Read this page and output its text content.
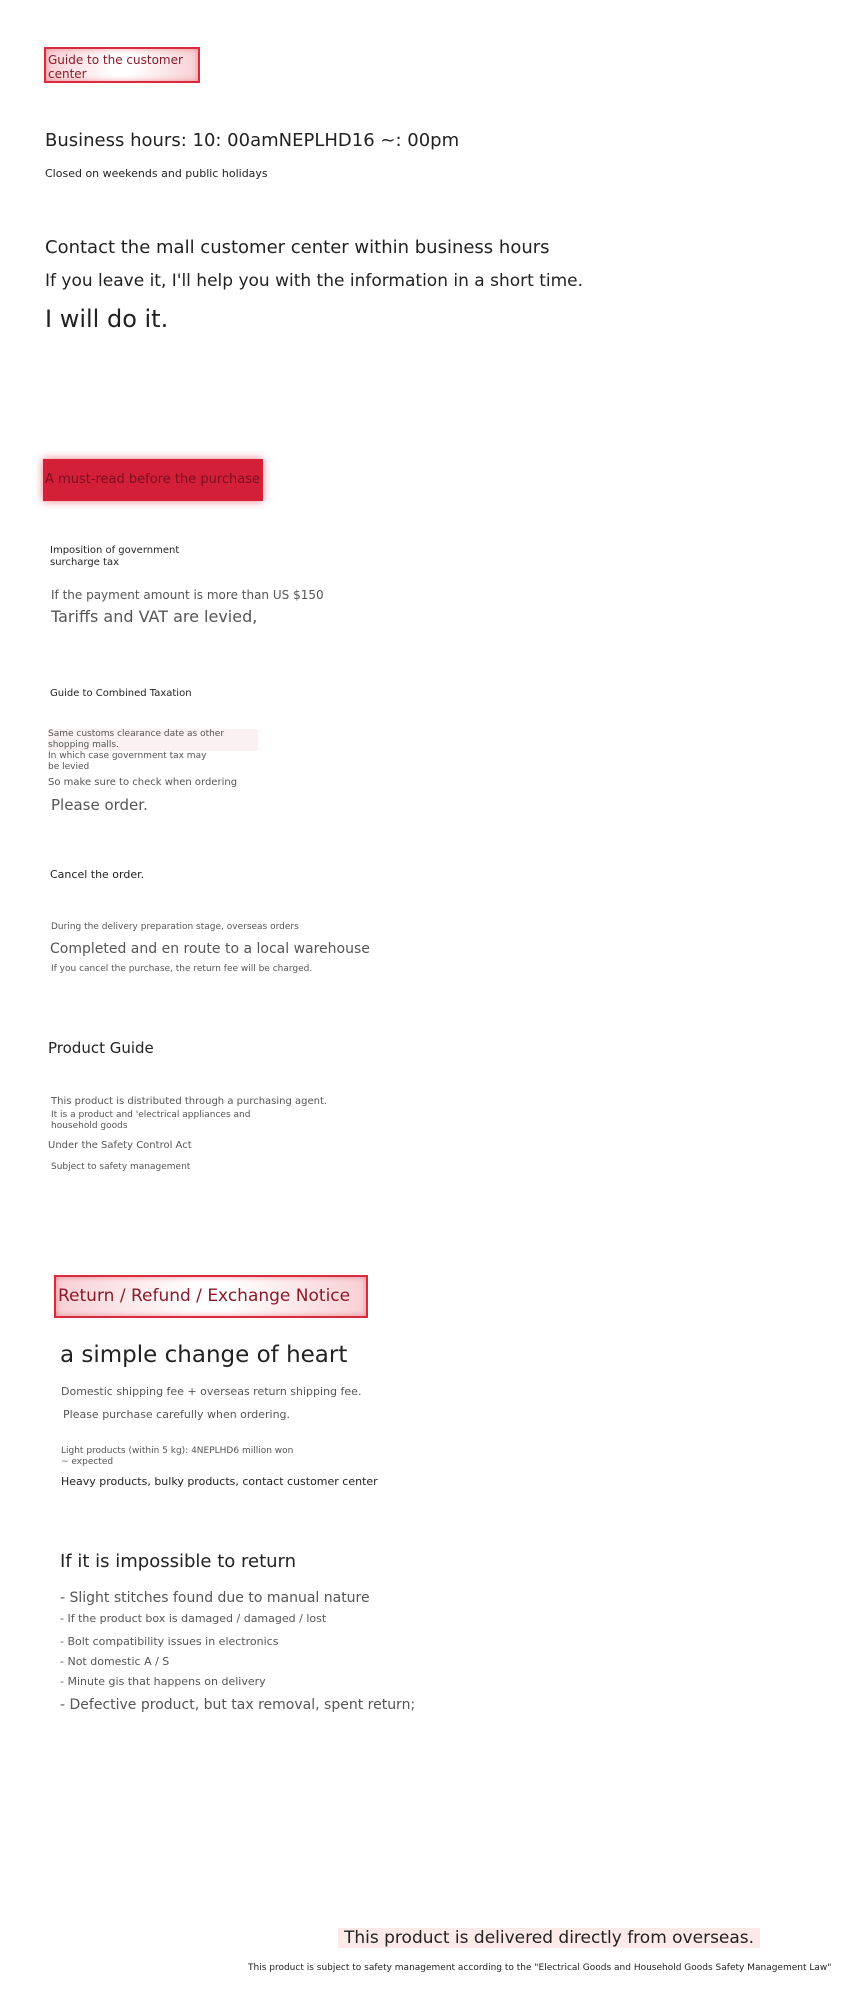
Guide to the customer center
Business hours: 10: 00amNEPLHD16 ~: 00pm
Closed on weekends and public holidays
Contact the mall customer center within business hours
If you leave it, I'll help you with the information in a short time.
I will do it.
A must-read before the purchase
Imposition of government surcharge tax
If the payment amount is more than US $150
Tariffs and VAT are levied,
Guide to Combined Taxation
Same customs clearance date as other shopping malls.
In which case government tax may be levied
So make sure to check when ordering
Please order.
Cancel the order.
During the delivery preparation stage, overseas orders
Completed and en route to a local warehouse
If you cancel the purchase, the return fee will be charged.
Product Guide
This product is distributed through a purchasing agent.
It is a product and 'electrical appliances and household goods
Under the Safety Control Act
Subject to safety management
Return / Refund / Exchange Notice
a simple change of heart
Domestic shipping fee + overseas return shipping fee.
Please purchase carefully when ordering.
Light products (within 5 kg): 4NEPLHD6 million won ~ expected
Heavy products, bulky products, contact customer center
If it is impossible to return
- Slight stitches found due to manual nature
- If the product box is damaged / damaged / lost
- Bolt compatibility issues in electronics
- Not domestic A / S
- Minute gis that happens on delivery
- Defective product, but tax removal, spent return;
This product is delivered directly from overseas.
This product is subject to safety management according to the "Electrical Goods and Household Goods Safety Management Law"
